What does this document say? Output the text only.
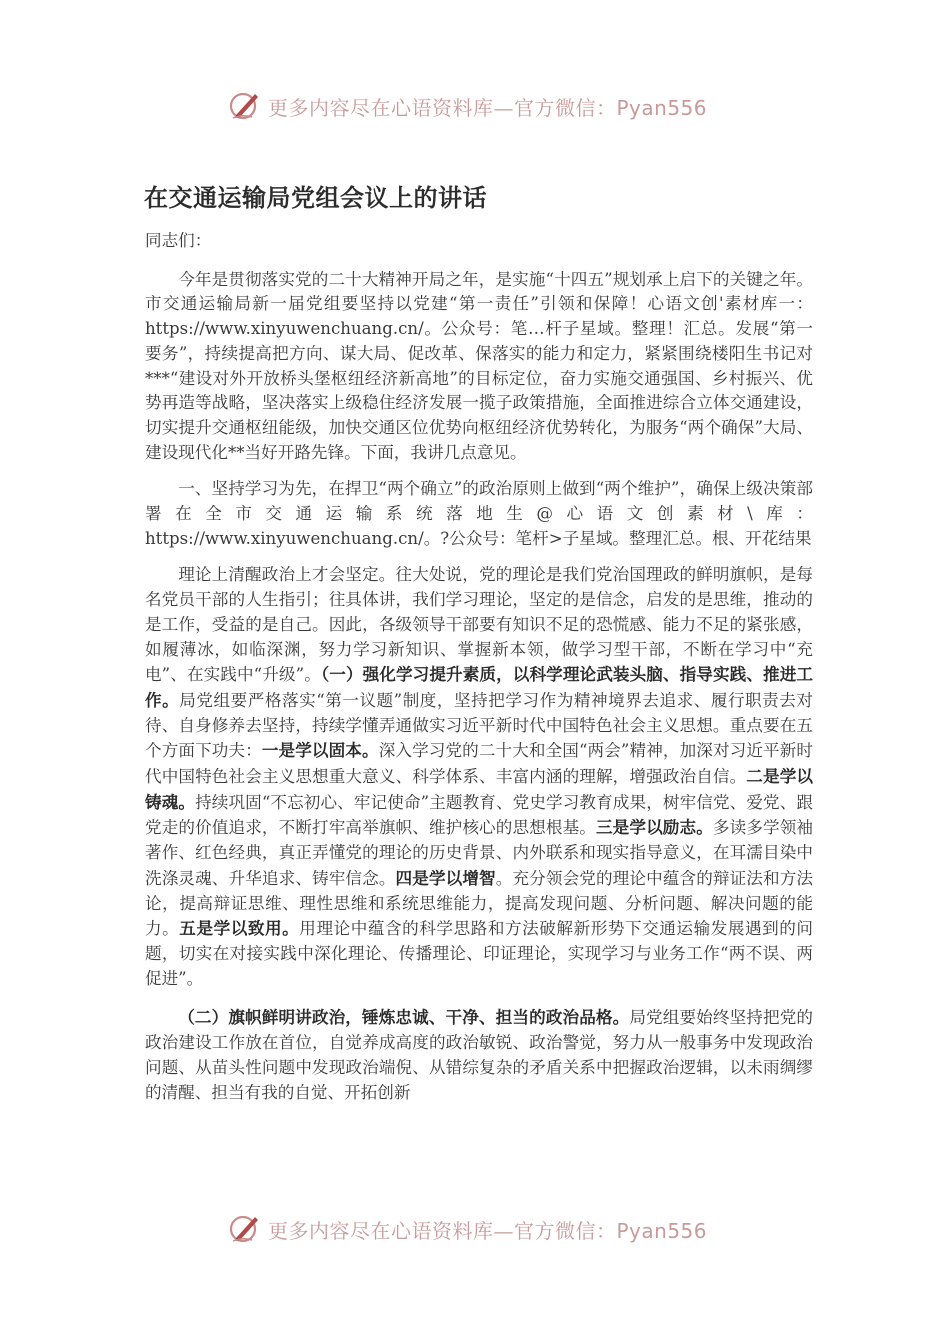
更多内容尽在心语资料库—官方微信：Pyan556
在交通运输局党组会议上的讲话

同志们：

今年是贯彻落实党的二十大精神开局之年，是实施“十四五”规划承上启下的关键之年。市交通运输局新一届党组要坚持以党建“第一责任”引领和保障！心语文创'素材库一：https://www.xinyuwenchuang.cn/。公众号：笔…杆子星域。整理！汇总。发展“第一要务”，持续提高把方向、谋大局、促改革、保落实的能力和定力，紧紧围绕楼阳生书记对***“建设对外开放桥头堡枢纽经济新高地”的目标定位，奋力实施交通强国、乡村振兴、优势再造等战略，坚决落实上级稳住经济发展一揽子政策措施，全面推进综合立体交通建设，切实提升交通枢纽能级，加快交通区位优势向枢纽经济优势转化，为服务“两个确保”大局、建设现代化**当好开路先锋。下面，我讲几点意见。

一、坚持学习为先，在捍卫“两个确立”的政治原则上做到“两个维护”，确保上级决策部署在全市交通运输系统落地生@心语文创素材\库：https://www.xinyuwenchuang.cn/。?公众号：笔杆>子星域。整理汇总。根、开花结果

理论上清醒政治上才会坚定。往大处说，党的理论是我们党治国理政的鲜明旗帜，是每名党员干部的人生指引；往具体讲，我们学习理论，坚定的是信念，启发的是思维，推动的是工作，受益的是自己。因此，各级领导干部要有知识不足的恐慌感、能力不足的紧张感，如履薄冰，如临深渊，努力学习新知识、掌握新本领，做学习型干部，不断在学习中“充电”、在实践中“升级”。（一）强化学习提升素质，以科学理论武装头脑、指导实践、推进工作。局党组要严格落实“第一议题”制度，坚持把学习作为精神境界去追求、履行职责去对待、自身修养去坚持，持续学懂弄通做实习近平新时代中国特色社会主义思想。重点要在五个方面下功夫：一是学以固本。深入学习党的二十大和全国“两会”精神，加深对习近平新时代中国特色社会主义思想重大意义、科学体系、丰富内涵的理解，增强政治自信。二是学以铸魂。持续巩固“不忘初心、牢记使命”主题教育、党史学习教育成果，树牢信党、爱党、跟党走的价值追求，不断打牢高举旗帜、维护核心的思想根基。三是学以励志。多读多学领袖著作、红色经典，真正弄懂党的理论的历史背景、内外联系和现实指导意义，在耳濡目染中洗涤灵魂、升华追求、铸牢信念。四是学以增智。充分领会党的理论中蕴含的辩证法和方法论，提高辩证思维、理性思维和系统思维能力，提高发现问题、分析问题、解决问题的能力。五是学以致用。用理论中蕴含的科学思路和方法破解新形势下交通运输发展遇到的问题，切实在对接实践中深化理论、传播理论、印证理论，实现学习与业务工作“两不误、两促进”。

（二）旗帜鲜明讲政治，锤炼忠诚、干净、担当的政治品格。局党组要始终坚持把党的政治建设工作放在首位，自觉养成高度的政治敏锐、政治警觉，努力从一般事务中发现政治问题、从苗头性问题中发现政治端倪、从错综复杂的矛盾关系中把握政治逻辑，以未雨绸缪的清醒、担当有我的自觉、开拓创新

更多内容尽在心语资料库—官方微信：Pyan556
